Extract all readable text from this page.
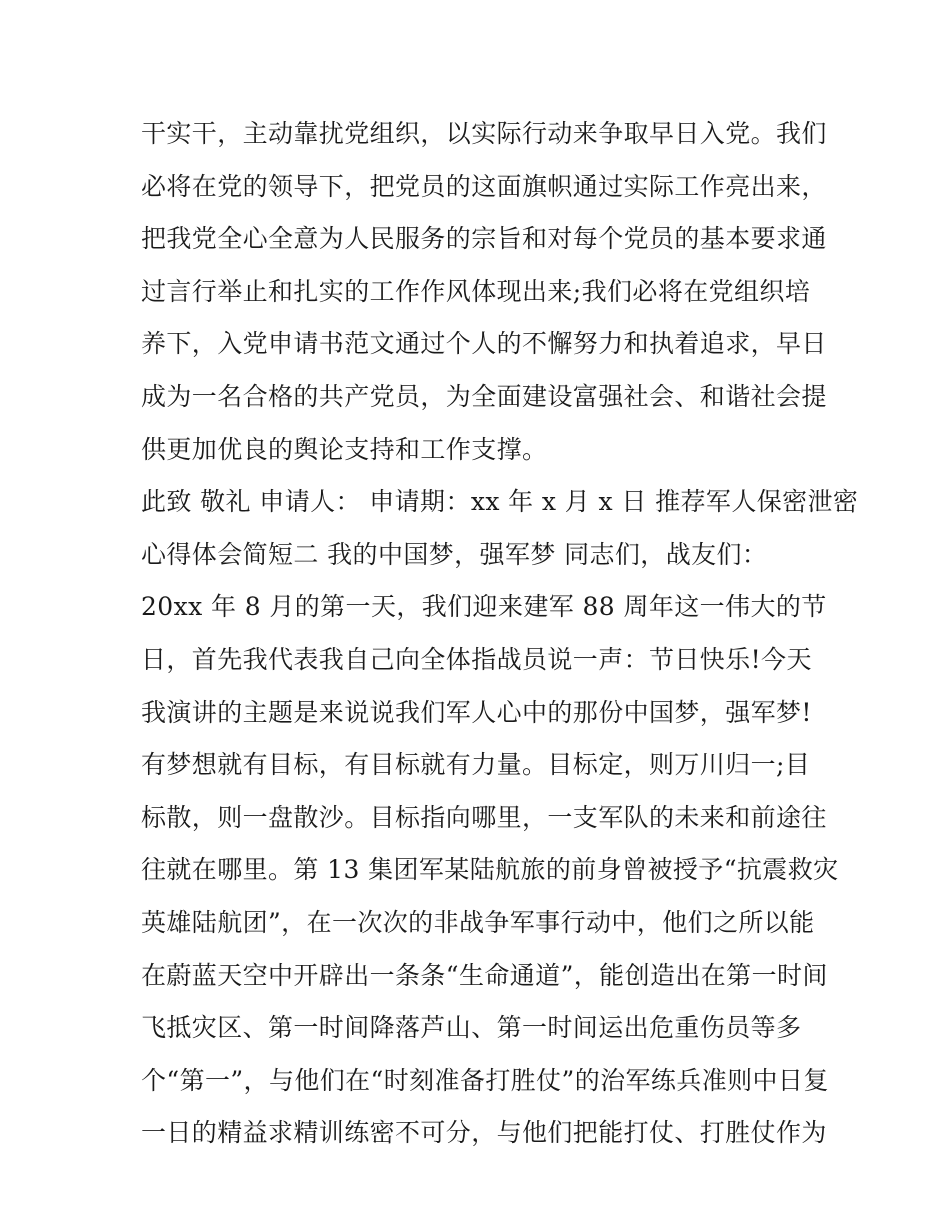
干实干，主动靠扰党组织，以实际行动来争取早日入党。我们
必将在党的领导下，把党员的这面旗帜通过实际工作亮出来，
把我党全心全意为人民服务的宗旨和对每个党员的基本要求通
过言行举止和扎实的工作作风体现出来;我们必将在党组织培
养下，入党申请书范文通过个人的不懈努力和执着追求，早日
成为一名合格的共产党员，为全面建设富强社会、和谐社会提
供更加优良的舆论支持和工作支撑。
此致 敬礼 申请人： 申请期：xx 年 x 月 x 日 推荐军人保密泄密
心得体会简短二 我的中国梦，强军梦 同志们，战友们：
20xx 年 8 月的第一天，我们迎来建军 88 周年这一伟大的节
日，首先我代表我自己向全体指战员说一声：节日快乐!今天
我演讲的主题是来说说我们军人心中的那份中国梦，强军梦!
有梦想就有目标，有目标就有力量。目标定，则万川归一;目
标散，则一盘散沙。目标指向哪里，一支军队的未来和前途往
往就在哪里。第 13 集团军某陆航旅的前身曾被授予“抗震救灾
英雄陆航团”，在一次次的非战争军事行动中，他们之所以能
在蔚蓝天空中开辟出一条条“生命通道”，能创造出在第一时间
飞抵灾区、第一时间降落芦山、第一时间运出危重伤员等多
个“第一”，与他们在“时刻准备打胜仗”的治军练兵准则中日复
一日的精益求精训练密不可分，与他们把能打仗、打胜仗作为
